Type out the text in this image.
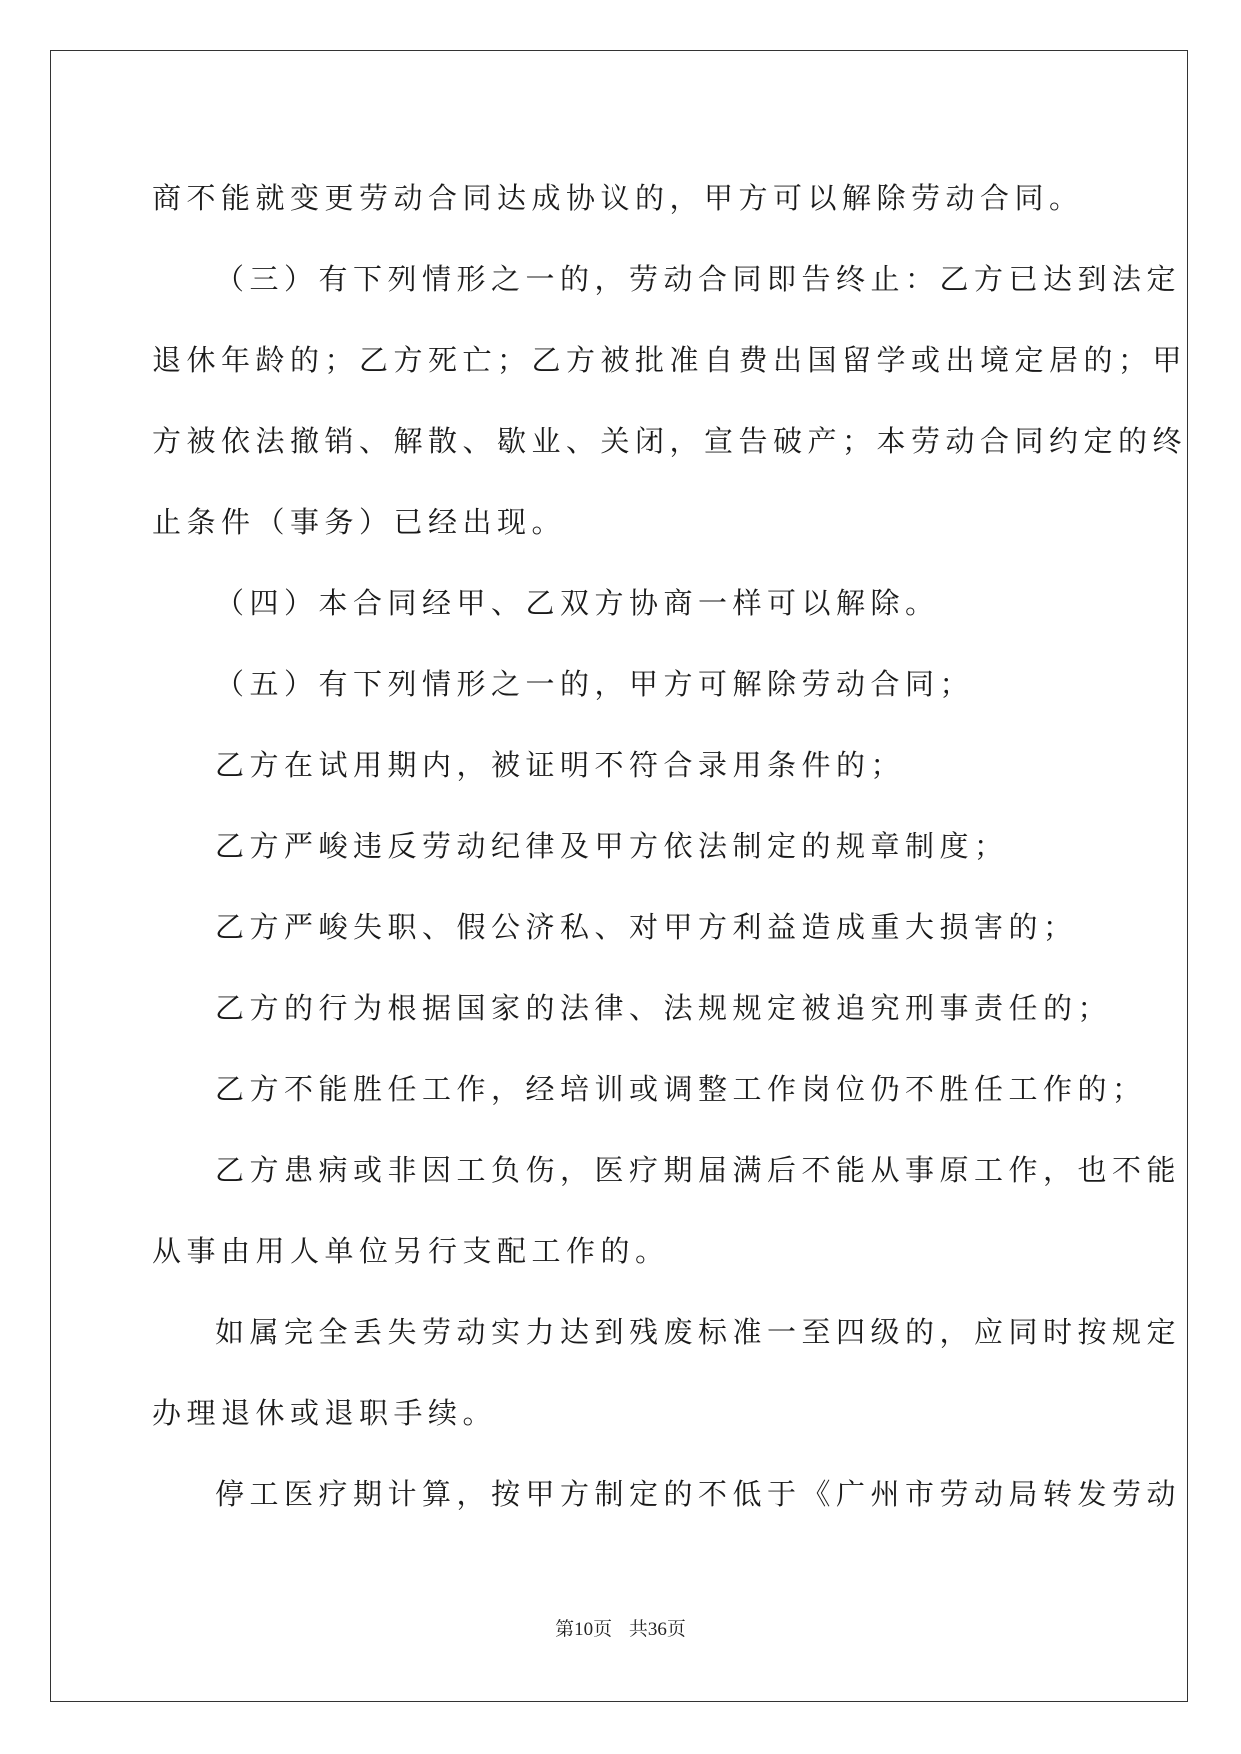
商不能就变更劳动合同达成协议的，甲方可以解除劳动合同。

（三）有下列情形之一的，劳动合同即告终止：乙方已达到法定

退休年龄的；乙方死亡；乙方被批准自费出国留学或出境定居的；甲

方被依法撤销、解散、歇业、关闭，宣告破产；本劳动合同约定的终

止条件（事务）已经出现。

（四）本合同经甲、乙双方协商一样可以解除。

（五）有下列情形之一的，甲方可解除劳动合同；

乙方在试用期内，被证明不符合录用条件的；

乙方严峻违反劳动纪律及甲方依法制定的规章制度；

乙方严峻失职、假公济私、对甲方利益造成重大损害的；

乙方的行为根据国家的法律、法规规定被追究刑事责任的；

乙方不能胜任工作，经培训或调整工作岗位仍不胜任工作的；

乙方患病或非因工负伤，医疗期届满后不能从事原工作，也不能

从事由用人单位另行支配工作的。

如属完全丢失劳动实力达到残废标准一至四级的，应同时按规定

办理退休或退职手续。

停工医疗期计算，按甲方制定的不低于《广州市劳动局转发劳动

第10页 共36页
